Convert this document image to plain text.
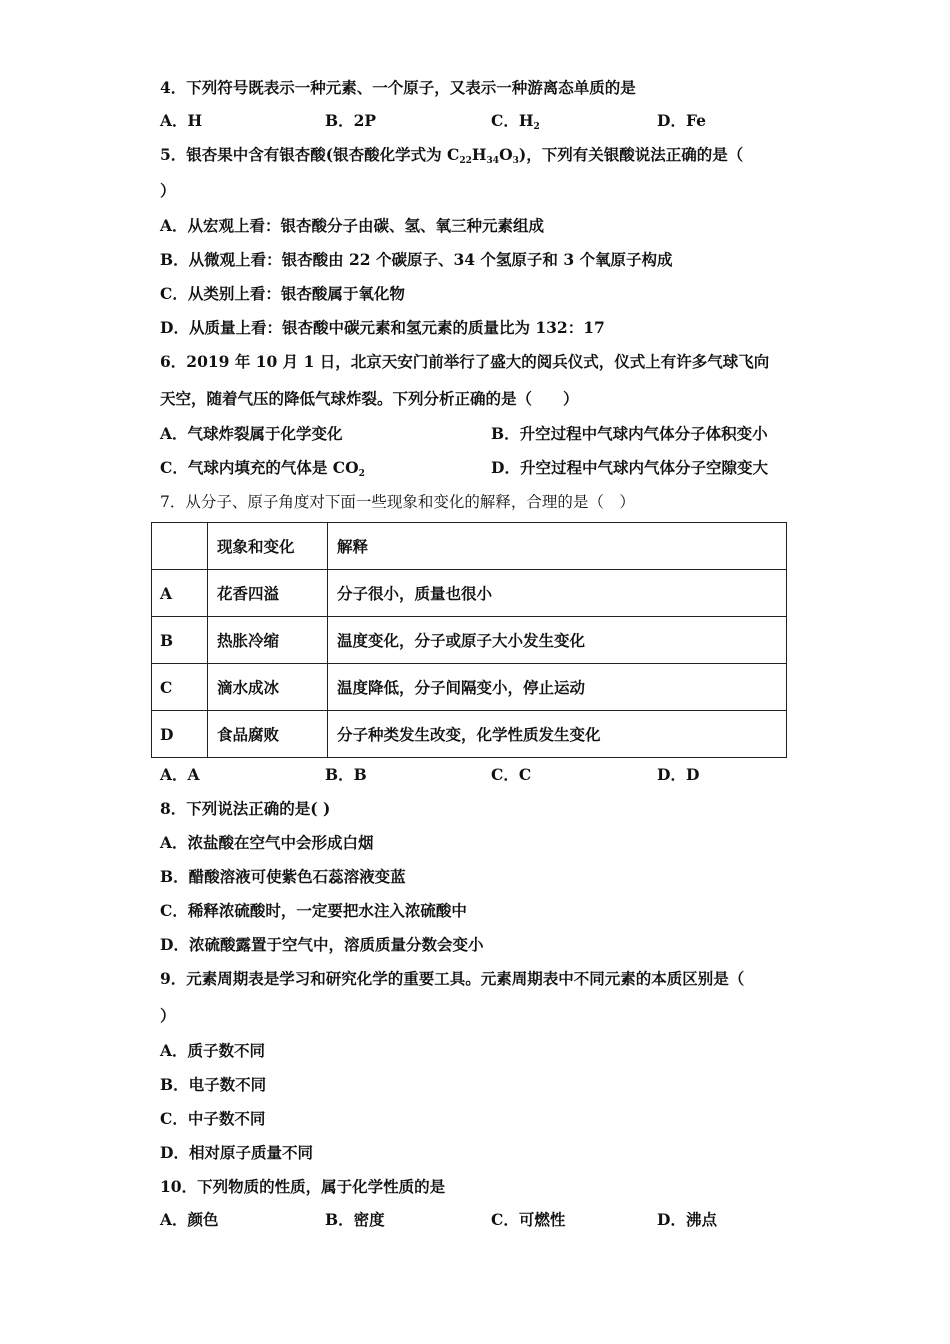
4．下列符号既表示一种元素、一个原子，又表示一种游离态单质的是
A．H	B．2P	C．$H_2$	D．Fe
5．银杏果中含有银杏酸(银杏酸化学式为 $C_{22}H_{34}O_3$)，下列有关银酸说法正确的是（
）
A．从宏观上看：银杏酸分子由碳、氢、氧三种元素组成
B．从微观上看：银杏酸由 22 个碳原子、34 个氢原子和 3 个氧原子构成
C．从类别上看：银杏酸属于氧化物
D．从质量上看：银杏酸中碳元素和氢元素的质量比为 132：17
6．2019 年 10 月 1 日，北京天安门前举行了盛大的阅兵仪式，仪式上有许多气球飞向
天空，随着气压的降低气球炸裂。下列分析正确的是（　　）
A．气球炸裂属于化学变化	B．升空过程中气球内气体分子体积变小
C．气球内填充的气体是 $CO_2$	D．升空过程中气球内气体分子空隙变大
7．从分子、原子角度对下面一些现象和变化的解释，合理的是（　）
	现象和变化	解释
A	花香四溢	分子很小，质量也很小
B	热胀冷缩	温度变化，分子或原子大小发生变化
C	滴水成冰	温度降低，分子间隔变小，停止运动
D	食品腐败	分子种类发生改变，化学性质发生变化
A．A	B．B	C．C	D．D
8．下列说法正确的是( )
A．浓盐酸在空气中会形成白烟
B．醋酸溶液可使紫色石蕊溶液变蓝
C．稀释浓硫酸时，一定要把水注入浓硫酸中
D．浓硫酸露置于空气中，溶质质量分数会变小
9．元素周期表是学习和研究化学的重要工具。元素周期表中不同元素的本质区别是（
）
A．质子数不同
B．电子数不同
C．中子数不同
D．相对原子质量不同
10．下列物质的性质，属于化学性质的是
A．颜色	B．密度	C．可燃性	D．沸点
